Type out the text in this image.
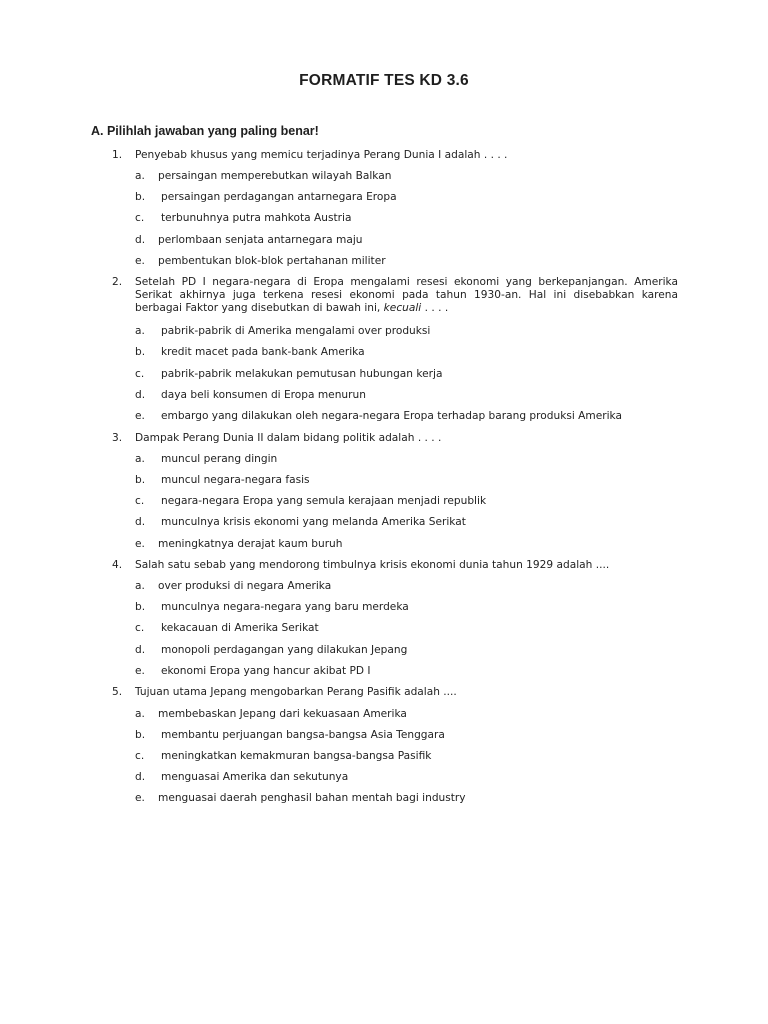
FORMATIF TES KD 3.6
A. Pilihlah jawaban yang paling benar!
1. Penyebab khusus yang memicu terjadinya Perang Dunia I adalah . . . .
a. persaingan memperebutkan wilayah Balkan
b. persaingan perdagangan antarnegara Eropa
c. terbunuhnya putra mahkota Austria
d. perlombaan senjata antarnegara maju
e. pembentukan blok-blok pertahanan militer
2. Setelah PD I negara-negara di Eropa mengalami resesi ekonomi yang berkepanjangan. Amerika Serikat akhirnya juga terkena resesi ekonomi pada tahun 1930-an. Hal ini disebabkan karena berbagai Faktor yang disebutkan di bawah ini, kecuali . . . .
a. pabrik-pabrik di Amerika mengalami over produksi
b. kredit macet pada bank-bank Amerika
c. pabrik-pabrik melakukan pemutusan hubungan kerja
d. daya beli konsumen di Eropa menurun
e. embargo yang dilakukan oleh negara-negara Eropa terhadap barang produksi Amerika
3. Dampak Perang Dunia II dalam bidang politik adalah . . . .
a. muncul perang dingin
b. muncul negara-negara fasis
c. negara-negara Eropa yang semula kerajaan menjadi republik
d. munculnya krisis ekonomi yang melanda Amerika Serikat
e. meningkatnya derajat kaum buruh
4. Salah satu sebab yang mendorong timbulnya krisis ekonomi dunia tahun 1929 adalah ....
a. over produksi di negara Amerika
b. munculnya negara-negara yang baru merdeka
c. kekacauan di Amerika Serikat
d. monopoli perdagangan yang dilakukan Jepang
e. ekonomi Eropa yang hancur akibat PD I
5. Tujuan utama Jepang mengobarkan Perang Pasifik adalah ....
a. membebaskan Jepang dari kekuasaan Amerika
b. membantu perjuangan bangsa-bangsa Asia Tenggara
c. meningkatkan kemakmuran bangsa-bangsa Pasifik
d. menguasai Amerika dan sekutunya
e. menguasai daerah penghasil bahan mentah bagi industry
